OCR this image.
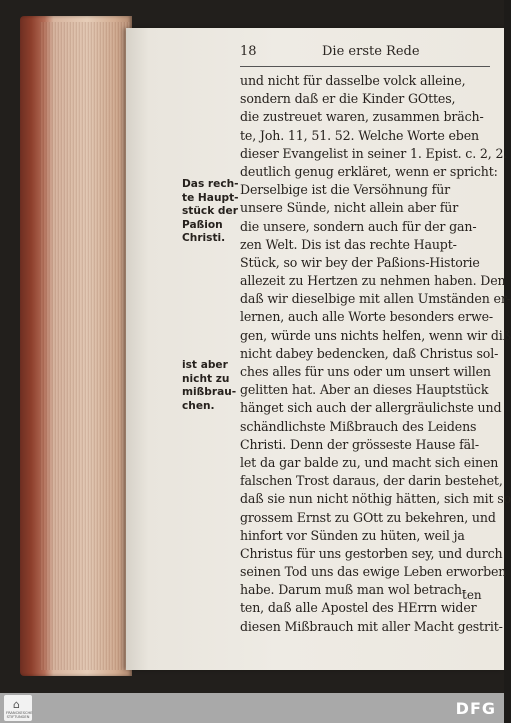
18	Die erste Rede
und nicht für dasselbe volck alleine,
sondern daß er die Kinder GOttes,
die zustreuet waren, zusammen bräch-
te, Joh. 11, 51. 52. Welche Worte eben
dieser Evangelist in seiner 1. Epist. c. 2, 2.
deutlich genug erkläret, wenn er spricht:
Derselbige ist die Versöhnung für
unsere Sünde, nicht allein aber für
die unsere, sondern auch für der gan-
zen Welt. Dis ist das rechte Haupt-
Stück, so wir bey der Paßions-Historie
allezeit zu Hertzen zu nehmen haben. Den
daß wir dieselbige mit allen Umständen er-
lernen, auch alle Worte besonders erwe-
gen, würde uns nichts helfen, wenn wir diß
nicht dabey bedencken, daß Christus sol-
ches alles für uns oder um unsert willen
gelitten hat. Aber an dieses Hauptstück
hänget sich auch der allergräulichste und
schändlichste Mißbrauch des Leidens
Christi. Denn der grösseste Hause fäl-
let da gar balde zu, und macht sich einen
falschen Trost daraus, der darin bestehet,
daß sie nun nicht nöthig hätten, sich mit so
grossem Ernst zu GOtt zu bekehren, und
hinfort vor Sünden zu hüten, weil ja
Christus für uns gestorben sey, und durch
seinen Tod uns das ewige Leben erworben
habe. Darum muß man wol betrach-
ten, daß alle Apostel des HErrn wider
diesen Mißbrauch mit aller Macht gestrit-
Das rech-
te Haupt-
stück der
Paßion
Christi.
ist aber
nicht zu
mißbrau-
chen.
ten
⌂
FRANCKESCHE STIFTUNGEN	DFG
